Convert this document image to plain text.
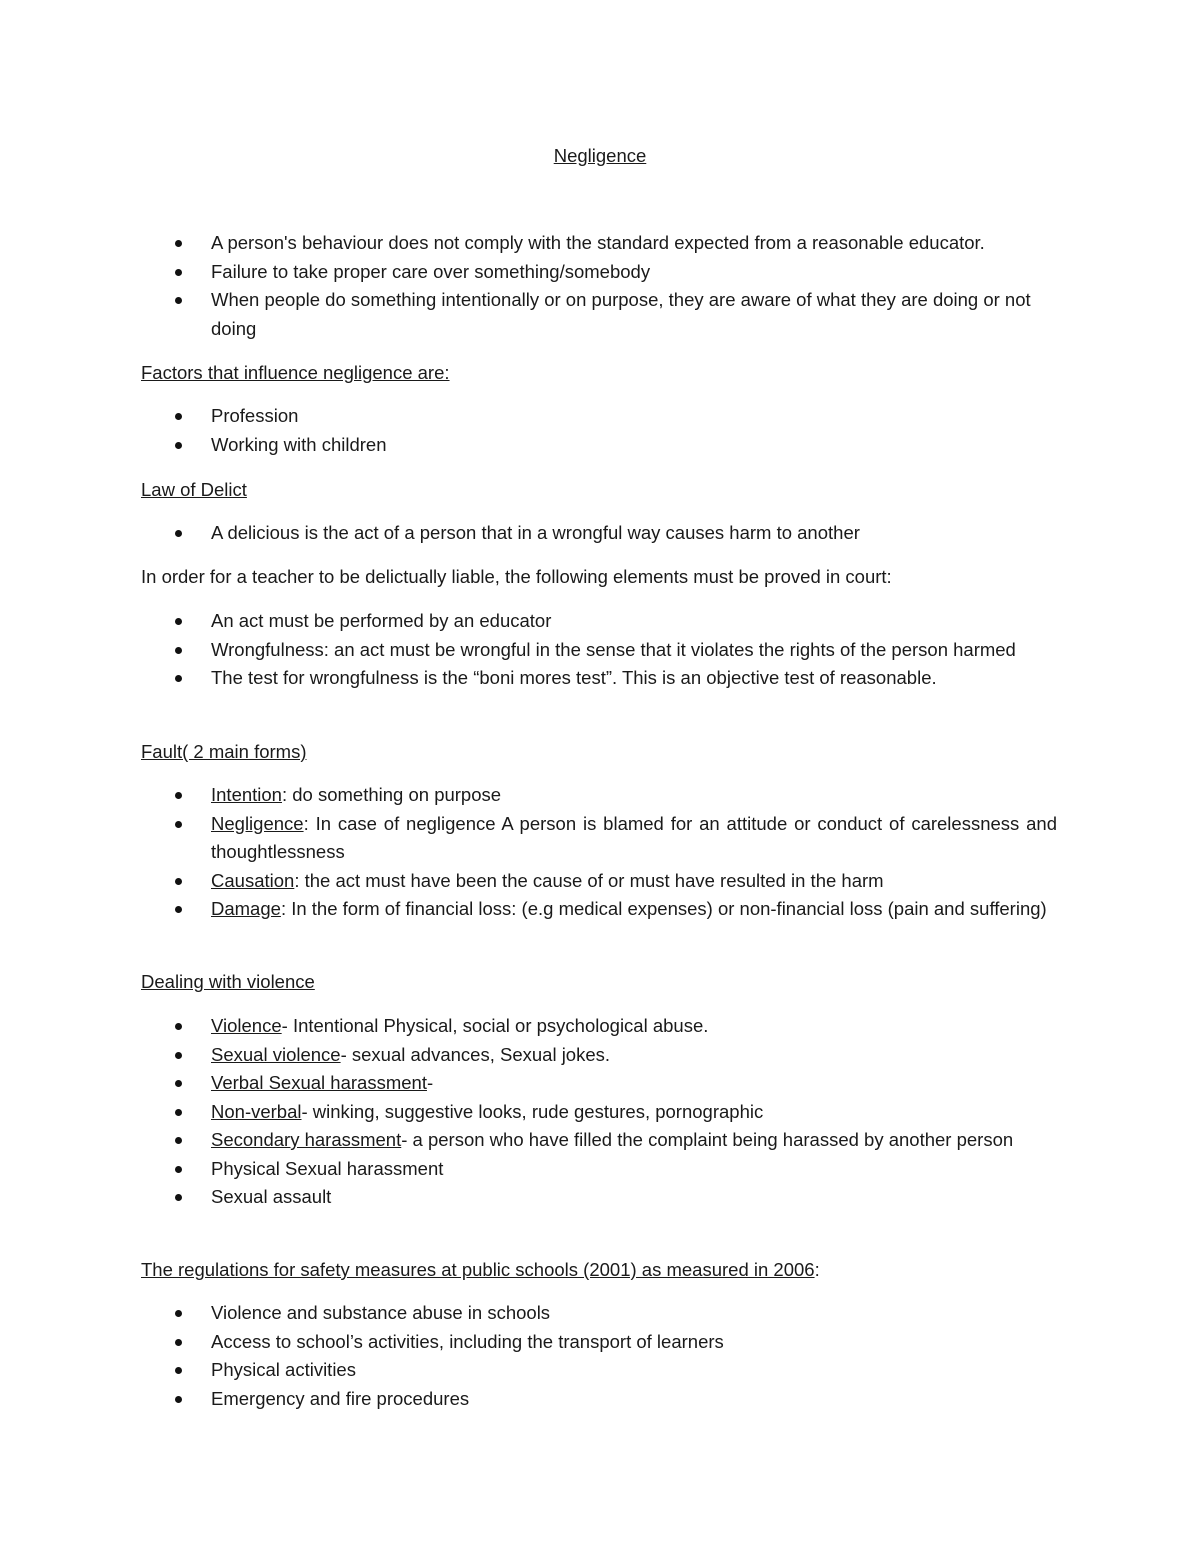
Negligence
A person's behaviour does not comply with the standard expected from a reasonable educator.
Failure to take proper care over something/somebody
When people do something intentionally or on purpose, they are aware of what they are doing or not doing
Factors that influence negligence are:
Profession
Working with children
Law of Delict
A delicious is the act of a person that in a wrongful way causes harm to another
In order for a teacher to be delictually liable, the following elements must be proved in court:
An act must be performed by an educator
Wrongfulness: an act must be wrongful in the sense that it violates the rights of the person harmed
The test for wrongfulness is the “boni mores test”. This is an objective test of reasonable.
Fault( 2 main forms)
Intention: do something on purpose
Negligence: In case of negligence A person is blamed for an attitude or conduct of carelessness and thoughtlessness
Causation: the act must have been the cause of or must have resulted in the harm
Damage: In the form of financial loss: (e.g medical expenses) or non-financial loss (pain and suffering)
Dealing with violence
Violence- Intentional Physical, social or psychological abuse.
Sexual violence- sexual advances, Sexual jokes.
Verbal Sexual harassment-
Non-verbal- winking, suggestive looks, rude gestures, pornographic
Secondary harassment- a person who have filled the complaint being harassed by another person
Physical Sexual harassment
Sexual assault
The regulations for safety measures at public schools (2001) as measured in 2006:
Violence and substance abuse in schools
Access to school’s activities, including the transport of learners
Physical activities
Emergency and fire procedures
